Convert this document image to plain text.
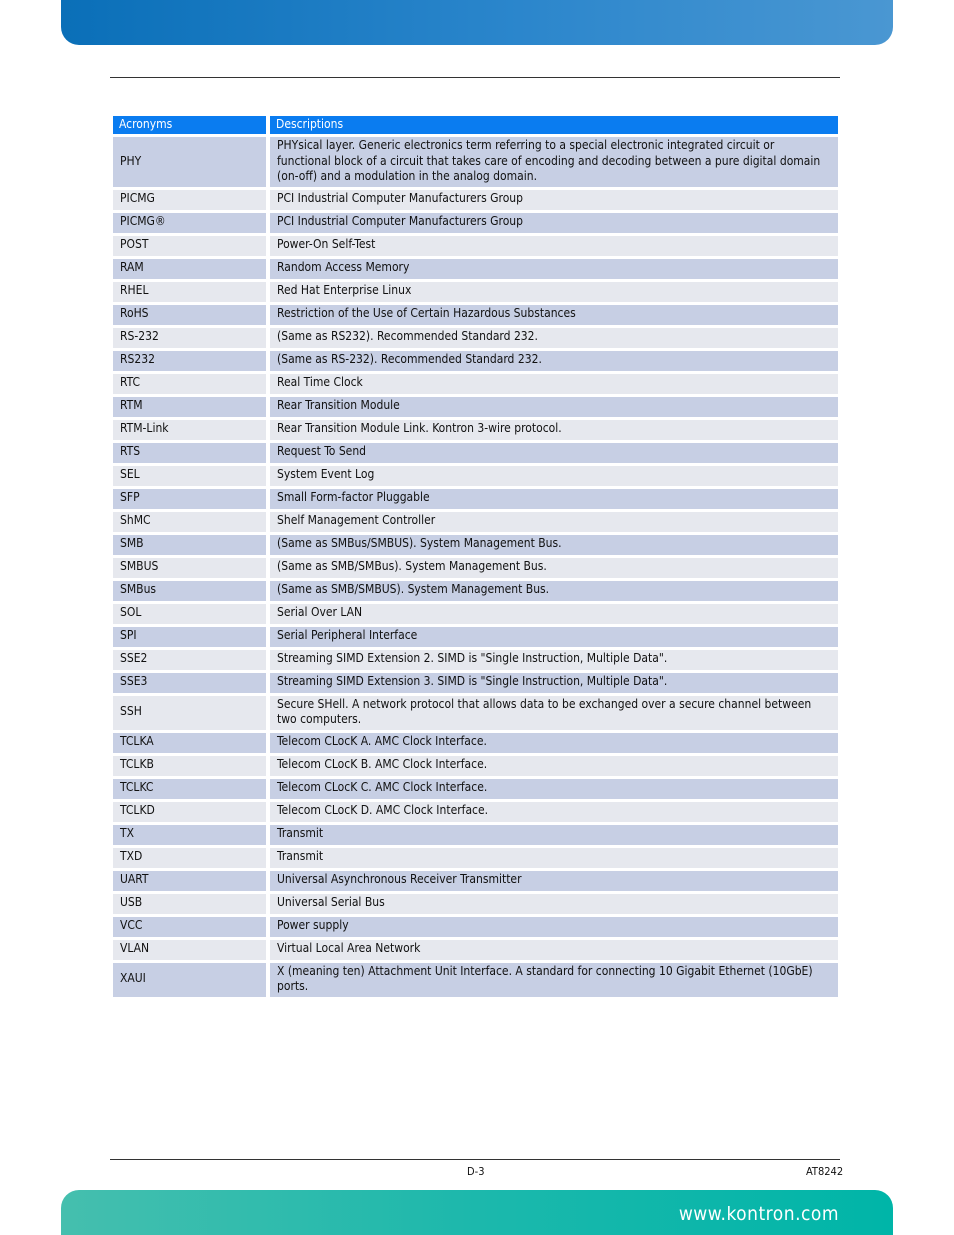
Acronyms	Descriptions
PHY	PHYsical layer. Generic electronics term referring to a special electronic integrated circuit or functional block of a circuit that takes care of encoding and decoding between a pure digital domain (on-off) and a modulation in the analog domain.
PICMG	PCI Industrial Computer Manufacturers Group
PICMG®	PCI Industrial Computer Manufacturers Group
POST	Power-On Self-Test
RAM	Random Access Memory
RHEL	Red Hat Enterprise Linux
RoHS	Restriction of the Use of Certain Hazardous Substances
RS-232	(Same as RS232). Recommended Standard 232.
RS232	(Same as RS-232). Recommended Standard 232.
RTC	Real Time Clock
RTM	Rear Transition Module
RTM-Link	Rear Transition Module Link. Kontron 3-wire protocol.
RTS	Request To Send
SEL	System Event Log
SFP	Small Form-factor Pluggable
ShMC	Shelf Management Controller
SMB	(Same as SMBus/SMBUS). System Management Bus.
SMBUS	(Same as SMB/SMBus). System Management Bus.
SMBus	(Same as SMB/SMBUS). System Management Bus.
SOL	Serial Over LAN
SPI	Serial Peripheral Interface
SSE2	Streaming SIMD Extension 2. SIMD is "Single Instruction, Multiple Data".
SSE3	Streaming SIMD Extension 3. SIMD is "Single Instruction, Multiple Data".
SSH	Secure SHell. A network protocol that allows data to be exchanged over a secure channel between two computers.
TCLKA	Telecom CLocK A. AMC Clock Interface.
TCLKB	Telecom CLocK B. AMC Clock Interface.
TCLKC	Telecom CLocK C. AMC Clock Interface.
TCLKD	Telecom CLocK D. AMC Clock Interface.
TX	Transmit
TXD	Transmit
UART	Universal Asynchronous Receiver Transmitter
USB	Universal Serial Bus
VCC	Power supply
VLAN	Virtual Local Area Network
XAUI	X (meaning ten) Attachment Unit Interface. A standard for connecting 10 Gigabit Ethernet (10GbE) ports.
D-3	AT8242
www.kontron.com
